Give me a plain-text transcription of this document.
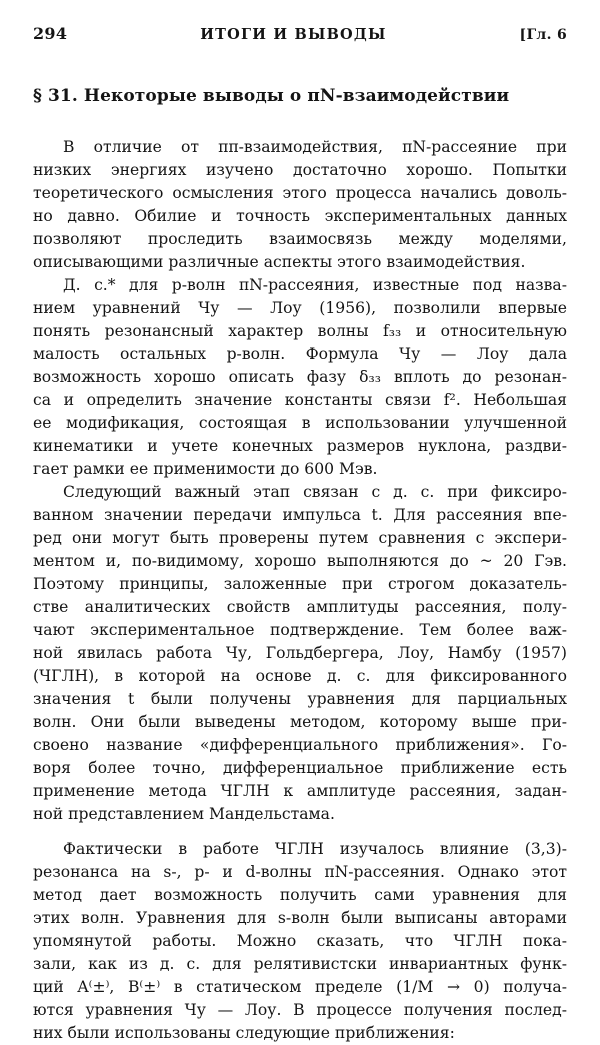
294	ИТОГИ И ВЫВОДЫ	[Гл. 6
§ 31. Некоторые выводы о πN-взаимодействии
В отличие от ππ-взаимодействия, πN-рассеяние при
низких энергиях изучено достаточно хорошо. Попытки
теоретического осмысления этого процесса начались доволь-
но давно. Обилие и точность экспериментальных данных
позволяют проследить взаимосвязь между моделями,
описывающими различные аспекты этого взаимодействия.
Д. с.* для p-волн πN-рассеяния, известные под назва-
нием уравнений Чу — Лоу (1956), позволили впервые
понять резонансный характер волны f₃₃ и относительную
малость остальных p-волн. Формула Чу — Лоу дала
возможность хорошо описать фазу δ₃₃ вплоть до резонан-
са и определить значение константы связи f². Небольшая
ее модификация, состоящая в использовании улучшенной
кинематики и учете конечных размеров нуклона, раздви-
гает рамки ее применимости до 600 Мэв.
Следующий важный этап связан с д. с. при фиксиро-
ванном значении передачи импульса t. Для рассеяния впе-
ред они могут быть проверены путем сравнения с экспери-
ментом и, по-видимому, хорошо выполняются до ~ 20 Гэв.
Поэтому принципы, заложенные при строгом доказатель-
стве аналитических свойств амплитуды рассеяния, полу-
чают экспериментальное подтверждение. Тем более важ-
ной явилась работа Чу, Гольдбергера, Лоу, Намбу (1957)
(ЧГЛН), в которой на основе д. с. для фиксированного
значения t были получены уравнения для парциальных
волн. Они были выведены методом, которому выше при-
своено название «дифференциального приближения». Го-
воря более точно, дифференциальное приближение есть
применение метода ЧГЛН к амплитуде рассеяния, задан-
ной представлением Мандельстама.
Фактически в работе ЧГЛН изучалось влияние (3,3)-
резонанса на s-, p- и d-волны πN-рассеяния. Однако этот
метод дает возможность получить сами уравнения для
этих волн. Уравнения для s-волн были выписаны авторами
упомянутой работы. Можно сказать, что ЧГЛН пока-
зали, как из д. с. для релятивистски инвариантных функ-
ций A⁽±⁾, B⁽±⁾ в статическом пределе (1/M → 0) получа-
ются уравнения Чу — Лоу. В процессе получения послед-
них были использованы следующие приближения:
